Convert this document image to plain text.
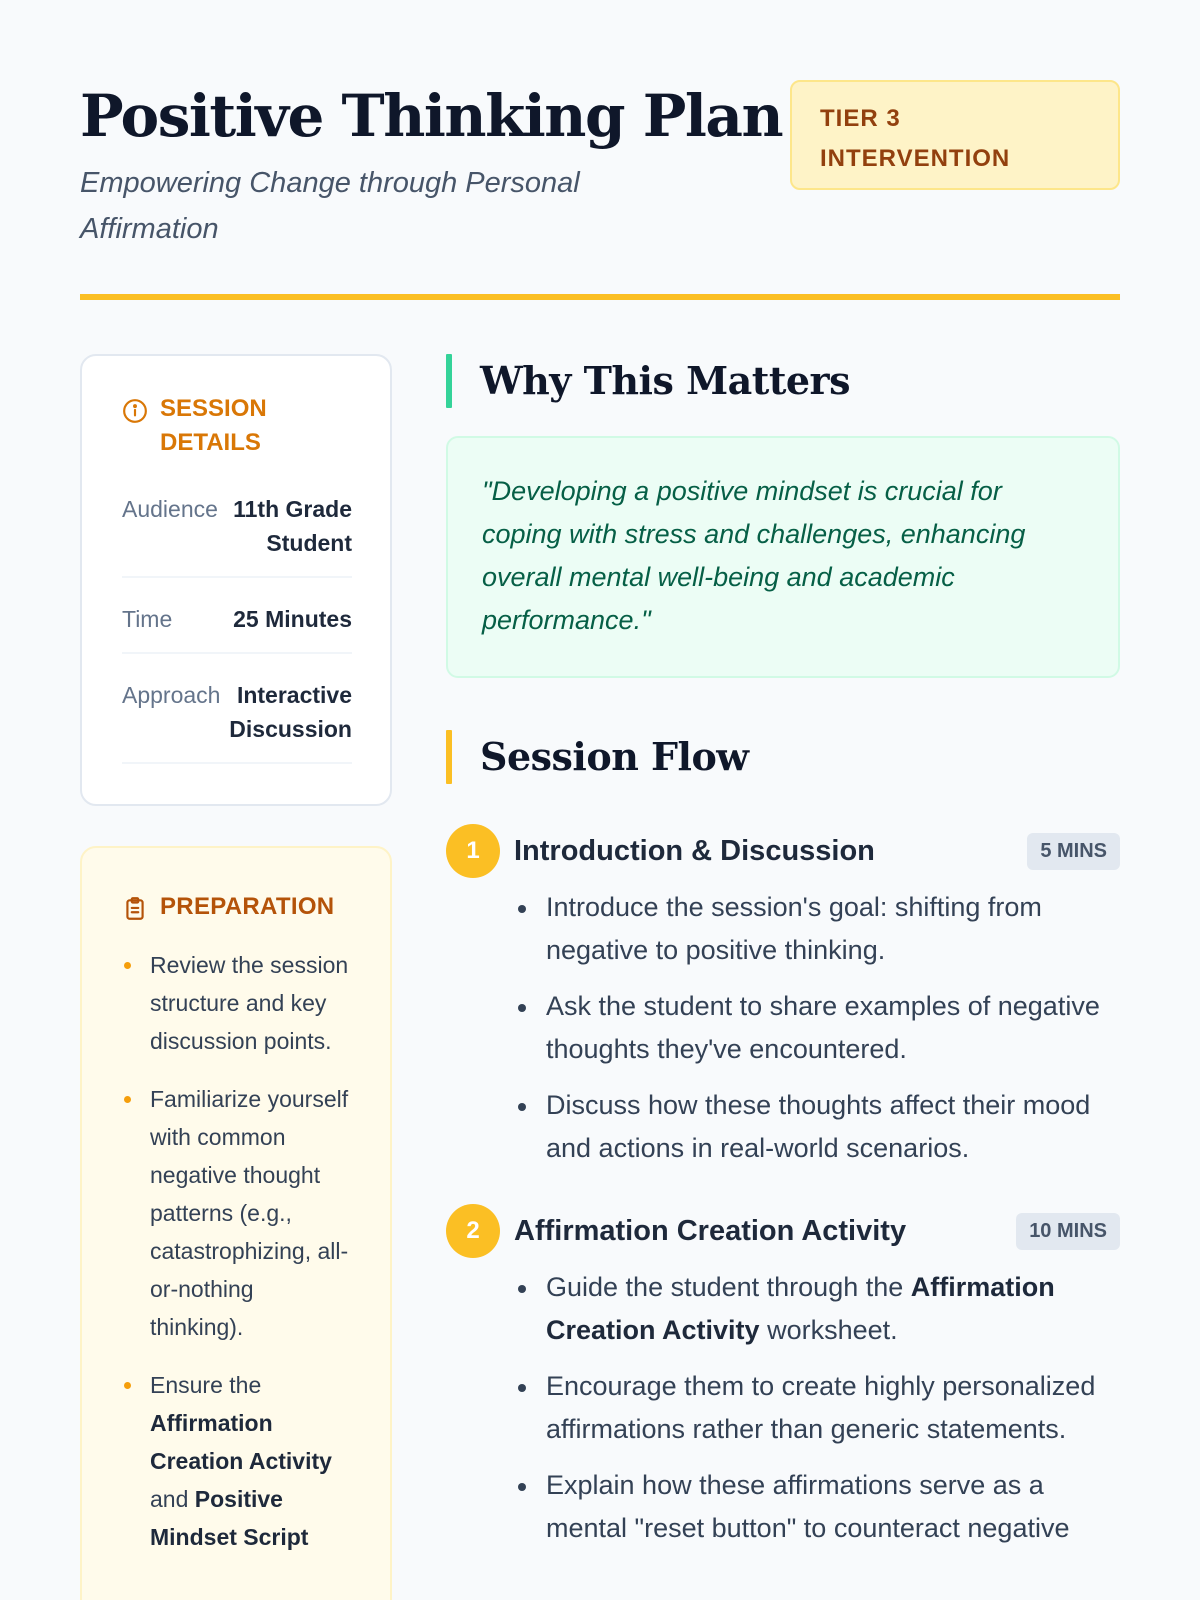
Positive Thinking Plan

Empowering Change through Personal Affirmation

TIER 3 INTERVENTION
SESSION DETAILS
Audience 11th Grade Student
Time	25 Minutes
Approach Interactive Discussion
PREPARATION
Review the session structure and key discussion points.
Familiarize yourself with common negative thought patterns (e.g., catastrophizing, all-or-nothing thinking).
Ensure the Affirmation Creation Activity and Positive Mindset Script
Why This Matters
"Developing a positive mindset is crucial for coping with stress and challenges, enhancing overall mental well-being and academic performance."
Session Flow
1	Introduction & Discussion	5 MINS
Introduce the session's goal: shifting from negative to positive thinking.
Ask the student to share examples of negative thoughts they've encountered.
Discuss how these thoughts affect their mood and actions in real-world scenarios.
2	Affirmation Creation Activity	10 MINS
Guide the student through the Affirmation Creation Activity worksheet.
Encourage them to create highly personalized affirmations rather than generic statements.
Explain how these affirmations serve as a mental "reset button" to counteract negative
